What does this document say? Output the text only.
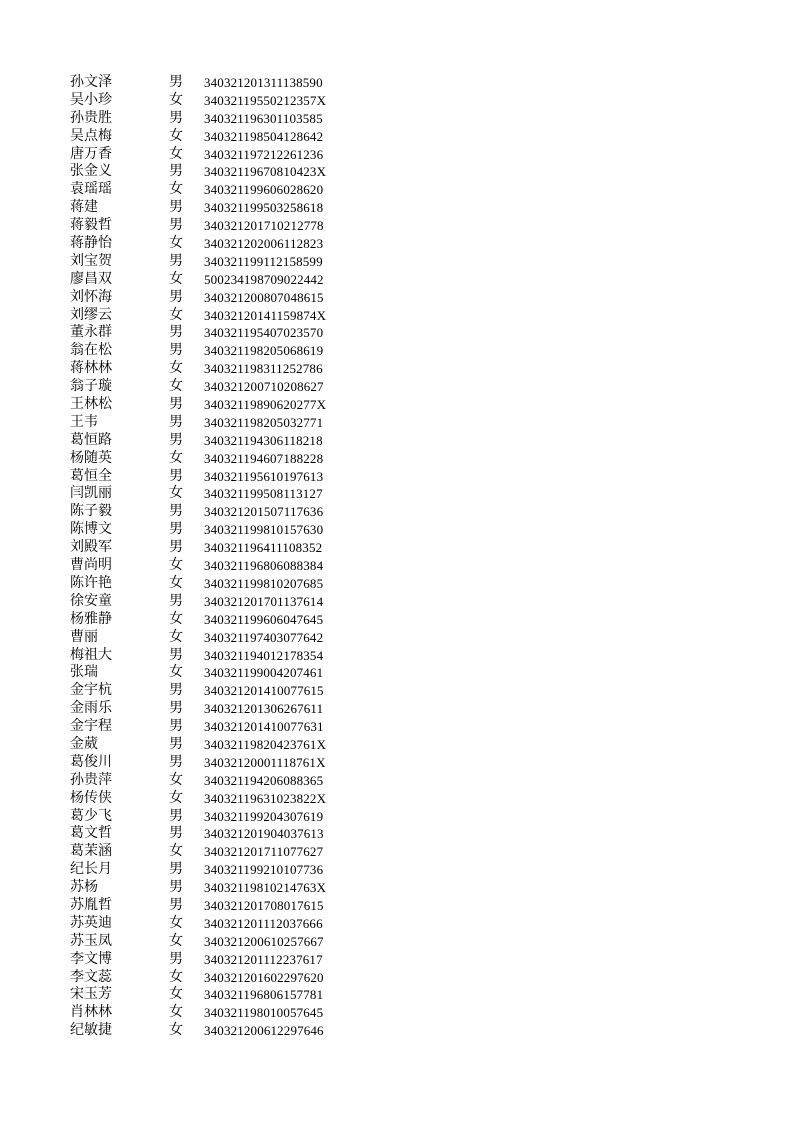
孙文泽	男	340321201311138590
吴小珍	女	34032119550212357X
孙贵胜	男	340321196301103585
吴点梅	女	340321198504128642
唐万香	女	340321197212261236
张金义	男	34032119670810423X
袁瑶瑶	女	340321199606028620
蒋建	男	340321199503258618
蒋毅哲	男	340321201710212778
蒋静怡	女	340321202006112823
刘宝贺	男	340321199112158599
廖昌双	女	500234198709022442
刘怀海	男	340321200807048615
刘缪云	女	34032120141159874X
董永群	男	340321195407023570
翁在松	男	340321198205068619
蒋林林	女	340321198311252786
翁子璇	女	340321200710208627
王林松	男	34032119890620277X
王韦	男	340321198205032771
葛恒路	男	340321194306118218
杨随英	女	340321194607188228
葛恒全	男	340321195610197613
闫凯丽	女	340321199508113127
陈子毅	男	340321201507117636
陈博文	男	340321199810157630
刘殿军	男	340321196411108352
曹尚明	女	340321196806088384
陈许艳	女	340321199810207685
徐安童	男	340321201701137614
杨雅静	女	340321199606047645
曹丽	女	340321197403077642
梅祖大	男	340321194012178354
张瑞	女	340321199004207461
金宇杭	男	340321201410077615
金雨乐	男	340321201306267611
金宇程	男	340321201410077631
金葳	男	34032119820423761X
葛俊川	男	34032120001118761X
孙贵萍	女	340321194206088365
杨传侠	女	34032119631023822X
葛少飞	男	340321199204307619
葛文哲	男	340321201904037613
葛茉涵	女	340321201711077627
纪长月	男	340321199210107736
苏杨	男	34032119810214763X
苏胤哲	男	340321201708017615
苏英迪	女	340321201112037666
苏玉凤	女	340321200610257667
李文博	男	340321201112237617
李文蕊	女	340321201602297620
宋玉芳	女	340321196806157781
肖林林	女	340321198010057645
纪敏捷	女	340321200612297646
